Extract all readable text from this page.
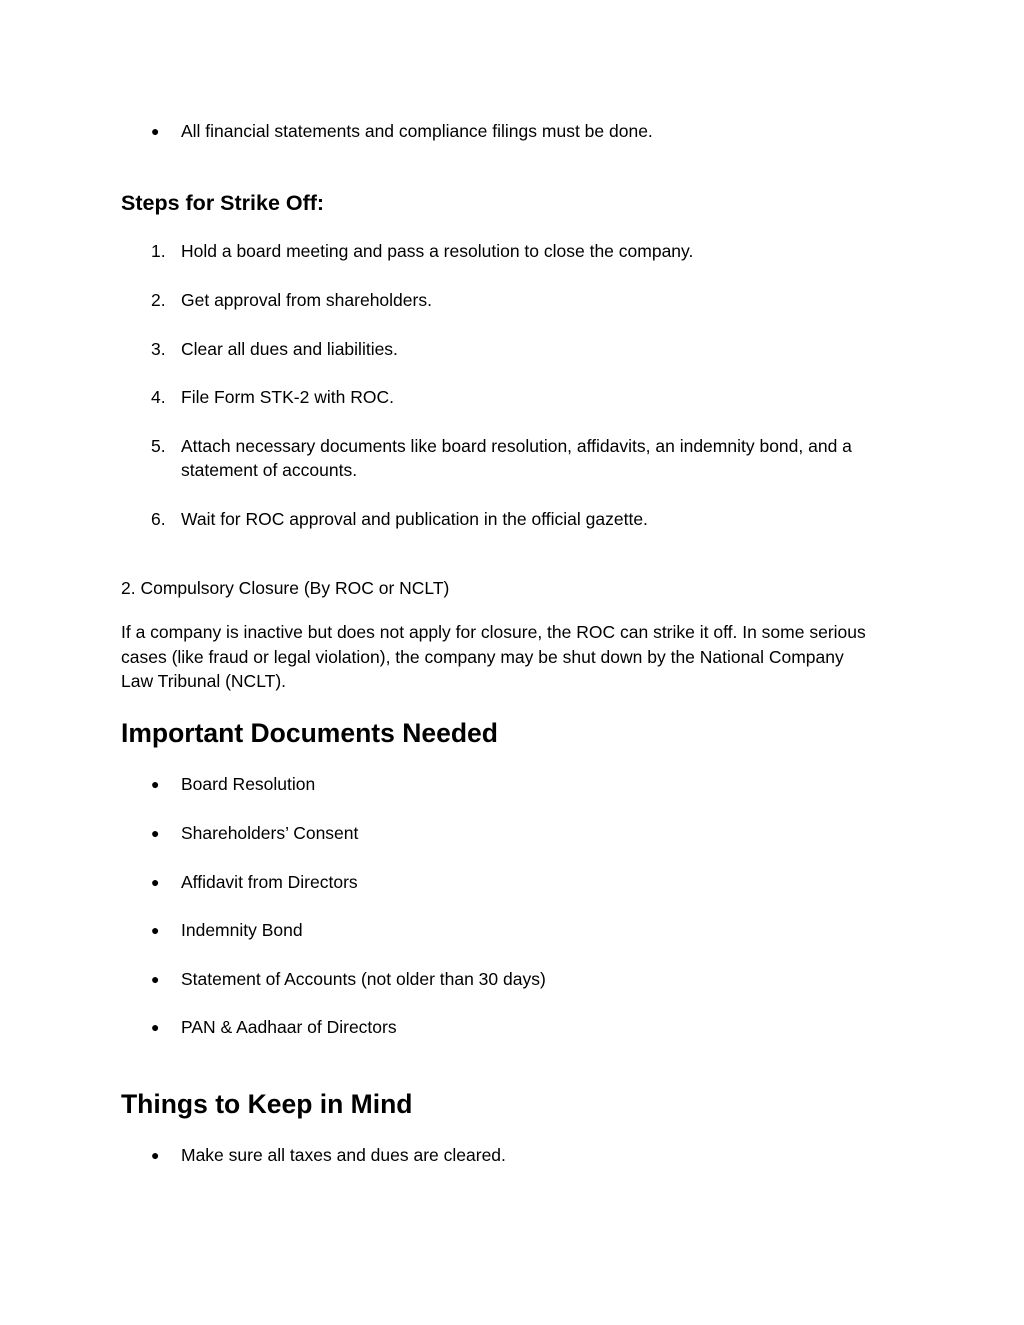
● All financial statements and compliance filings must be done.
Steps for Strike Off:
1. Hold a board meeting and pass a resolution to close the company.
2. Get approval from shareholders.
3. Clear all dues and liabilities.
4. File Form STK-2 with ROC.
5. Attach necessary documents like board resolution, affidavits, an indemnity bond, and a
statement of accounts.
6. Wait for ROC approval and publication in the official gazette.

2. Compulsory Closure (By ROC or NCLT)

If a company is inactive but does not apply for closure, the ROC can strike it off. In some serious
cases (like fraud or legal violation), the company may be shut down by the National Company
Law Tribunal (NCLT).
Important Documents Needed
● Board Resolution
● Shareholders’ Consent
● Affidavit from Directors
● Indemnity Bond
● Statement of Accounts (not older than 30 days)
● PAN & Aadhaar of Directors
Things to Keep in Mind
● Make sure all taxes and dues are cleared.
